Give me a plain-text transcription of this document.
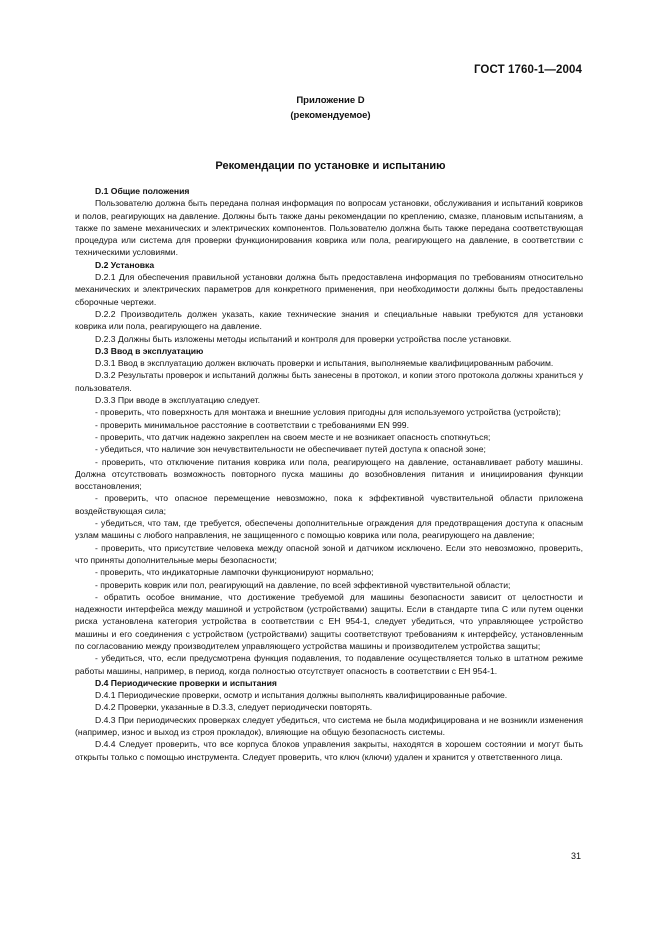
ГОСТ 1760-1—2004
Приложение D
(рекомендуемое)
Рекомендации по установке и испытанию

D.1 Общие положения

Пользователю должна быть передана полная информация по вопросам установки, обслуживания и испытаний ковриков и полов, реагирующих на давление. Должны быть также даны рекомендации по креплению, смазке, плановым испытаниям, а также по замене механических и электрических компонентов. Пользователю должна быть также передана соответствующая процедура или система для проверки функционирования коврика или пола, реагирующего на давление, в соответствии с техническими условиями.

D.2 Установка

D.2.1 Для обеспечения правильной установки должна быть предоставлена информация по требованиям относительно механических и электрических параметров для конкретного применения, при необходимости должны быть предоставлены сборочные чертежи.

D.2.2 Производитель должен указать, какие технические знания и специальные навыки требуются для установки коврика или пола, реагирующего на давление.

D.2.3 Должны быть изложены методы испытаний и контроля для проверки устройства после установки.

D.3 Ввод в эксплуатацию

D.3.1 Ввод в эксплуатацию должен включать проверки и испытания, выполняемые квалифицированным рабочим.

D.3.2 Результаты проверок и испытаний должны быть занесены в протокол, и копии этого протокола должны храниться у пользователя.

D.3.3 При вводе в эксплуатацию следует.

- проверить, что поверхность для монтажа и внешние условия пригодны для используемого устройства (устройств);

- проверить минимальное расстояние в соответствии с требованиями EN 999.

- проверить, что датчик надежно закреплен на своем месте и не возникает опасность споткнуться;

- убедиться, что наличие зон нечувствительности не обеспечивает путей доступа к опасной зоне;

- проверить, что отключение питания коврика или пола, реагирующего на давление, останавливает работу машины. Должна отсутствовать возможность повторного пуска машины до возобновления питания и инициирования функции восстановления;

- проверить, что опасное перемещение невозможно, пока к эффективной чувствительной области приложена воздействующая сила;

- убедиться, что там, где требуется, обеспечены дополнительные ограждения для предотвращения доступа к опасным узлам машины с любого направления, не защищенного с помощью коврика или пола, реагирующего на давление;

- проверить, что присутствие человека между опасной зоной и датчиком исключено. Если это невозможно, проверить, что приняты дополнительные меры безопасности;

- проверить, что индикаторные лампочки функционируют нормально;

- проверить коврик или пол, реагирующий на давление, по всей эффективной чувствительной области;

- обратить особое внимание, что достижение требуемой для машины безопасности зависит от целостности и надежности интерфейса между машиной и устройством (устройствами) защиты. Если в стандарте типа С или путем оценки риска установлена категория устройства в соответствии с ЕН 954-1, следует убедиться, что управляющее устройство машины и его соединения с устройством (устройствами) защиты соответствуют требованиям к интерфейсу, установленным по согласованию между производителем управляющего устройства машины и производителем устройства защиты;

- убедиться, что, если предусмотрена функция подавления, то подавление осуществляется только в штатном режиме работы машины, например, в период, когда полностью отсутствует опасность в соответствии с ЕН 954-1.

D.4 Периодические проверки и испытания

D.4.1 Периодические проверки, осмотр и испытания должны выполнять квалифицированные рабочие.

D.4.2 Проверки, указанные в D.3.3, следует периодически повторять.

D.4.3 При периодических проверках следует убедиться, что система не была модифицирована и не возникли изменения (например, износ и выход из строя прокладок), влияющие на общую безопасность системы.

D.4.4 Следует проверить, что все корпуса блоков управления закрыты, находятся в хорошем состоянии и могут быть открыты только с помощью инструмента. Следует проверить, что ключ (ключи) удален и хранится у ответственного лица.

31
